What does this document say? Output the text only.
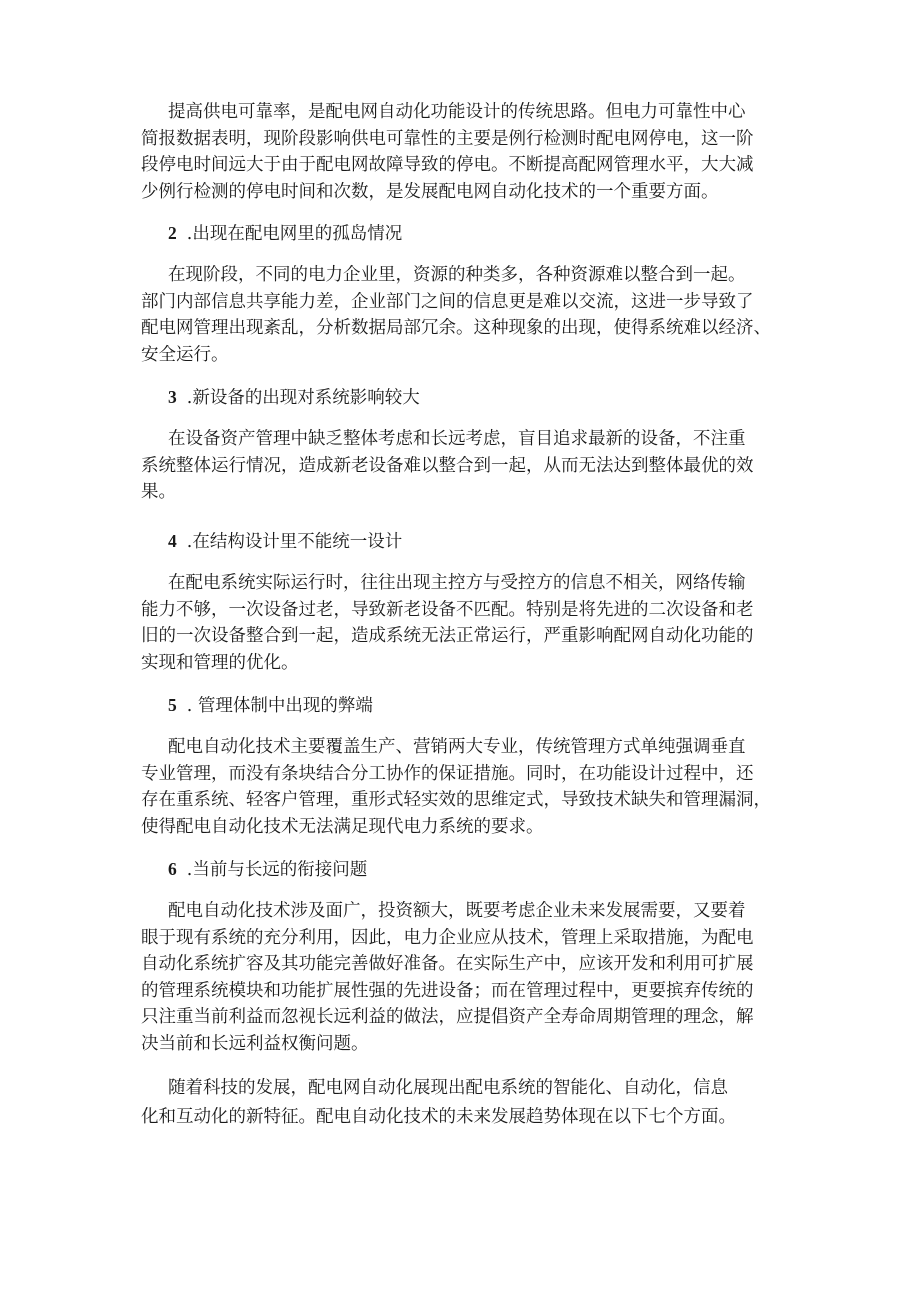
提高供电可靠率，是配电网自动化功能设计的传统思路。但电力可靠性中心
简报数据表明，现阶段影响供电可靠性的主要是例行检测时配电网停电，这一阶
段停电时间远大于由于配电网故障导致的停电。不断提高配网管理水平，大大减
少例行检测的停电时间和次数，是发展配电网自动化技术的一个重要方面。
2 .出现在配电网里的孤岛情况
在现阶段，不同的电力企业里，资源的种类多，各种资源难以整合到一起。
部门内部信息共享能力差，企业部门之间的信息更是难以交流，这进一步导致了
配电网管理出现紊乱，分析数据局部冗余。这种现象的出现，使得系统难以经济、
安全运行。
3 .新设备的出现对系统影响较大
在设备资产管理中缺乏整体考虑和长远考虑，盲目追求最新的设备，不注重
系统整体运行情况，造成新老设备难以整合到一起，从而无法达到整体最优的效
果。
4 .在结构设计里不能统一设计
在配电系统实际运行时，往往出现主控方与受控方的信息不相关，网络传输
能力不够，一次设备过老，导致新老设备不匹配。特别是将先进的二次设备和老
旧的一次设备整合到一起，造成系统无法正常运行，严重影响配网自动化功能的
实现和管理的优化。
5 . 管理体制中出现的弊端
配电自动化技术主要覆盖生产、营销两大专业，传统管理方式单纯强调垂直
专业管理，而没有条块结合分工协作的保证措施。同时，在功能设计过程中，还
存在重系统、轻客户管理，重形式轻实效的思维定式，导致技术缺失和管理漏洞，
使得配电自动化技术无法满足现代电力系统的要求。
6 .当前与长远的衔接问题
配电自动化技术涉及面广，投资额大，既要考虑企业未来发展需要，又要着
眼于现有系统的充分利用，因此，电力企业应从技术，管理上采取措施，为配电
自动化系统扩容及其功能完善做好准备。在实际生产中，应该开发和利用可扩展
的管理系统模块和功能扩展性强的先进设备；而在管理过程中，更要摈弃传统的
只注重当前利益而忽视长远利益的做法，应提倡资产全寿命周期管理的理念，解
决当前和长远利益权衡问题。
随着科技的发展，配电网自动化展现出配电系统的智能化、自动化，信息
化和互动化的新特征。配电自动化技术的未来发展趋势体现在以下七个方面。
